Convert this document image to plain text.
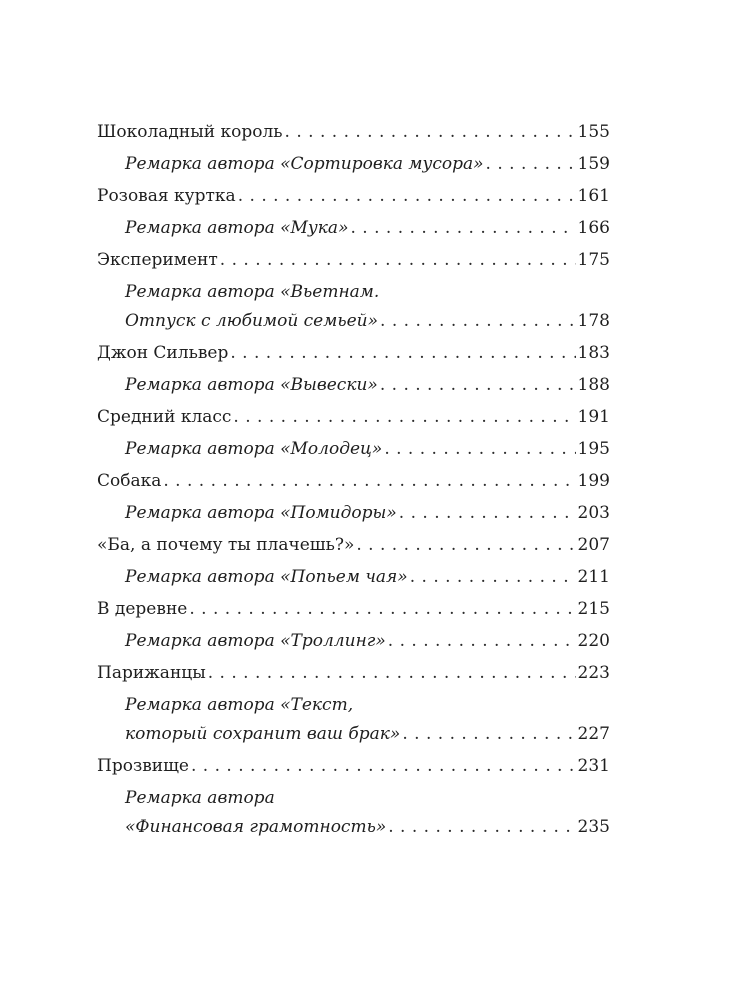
Шоколадный король . . .	155
Ремарка автора «Сортировка мусора» . . .	159
Розовая куртка . . .	161
Ремарка автора «Мука» . . .	166
Эксперимент . . .	175
Ремарка автора «Вьетнам.
Отпуск с любимой семьей» . . .	178
Джон Сильвер . . .	183
Ремарка автора «Вывески» . . .	188
Средний класс . . .	191
Ремарка автора «Молодец» . . .	195
Собака . . .	199
Ремарка автора «Помидоры» . . .	203
«Ба, а почему ты плачешь?» . . .	207
Ремарка автора «Попьем чая» . . .	211
В деревне . . .	215
Ремарка автора «Троллинг» . . .	220
Парижанцы . . .	223
Ремарка автора «Текст,
который сохранит ваш брак» . . .	227
Прозвище . . .	231
Ремарка автора
«Финансовая грамотность» . . .	235
